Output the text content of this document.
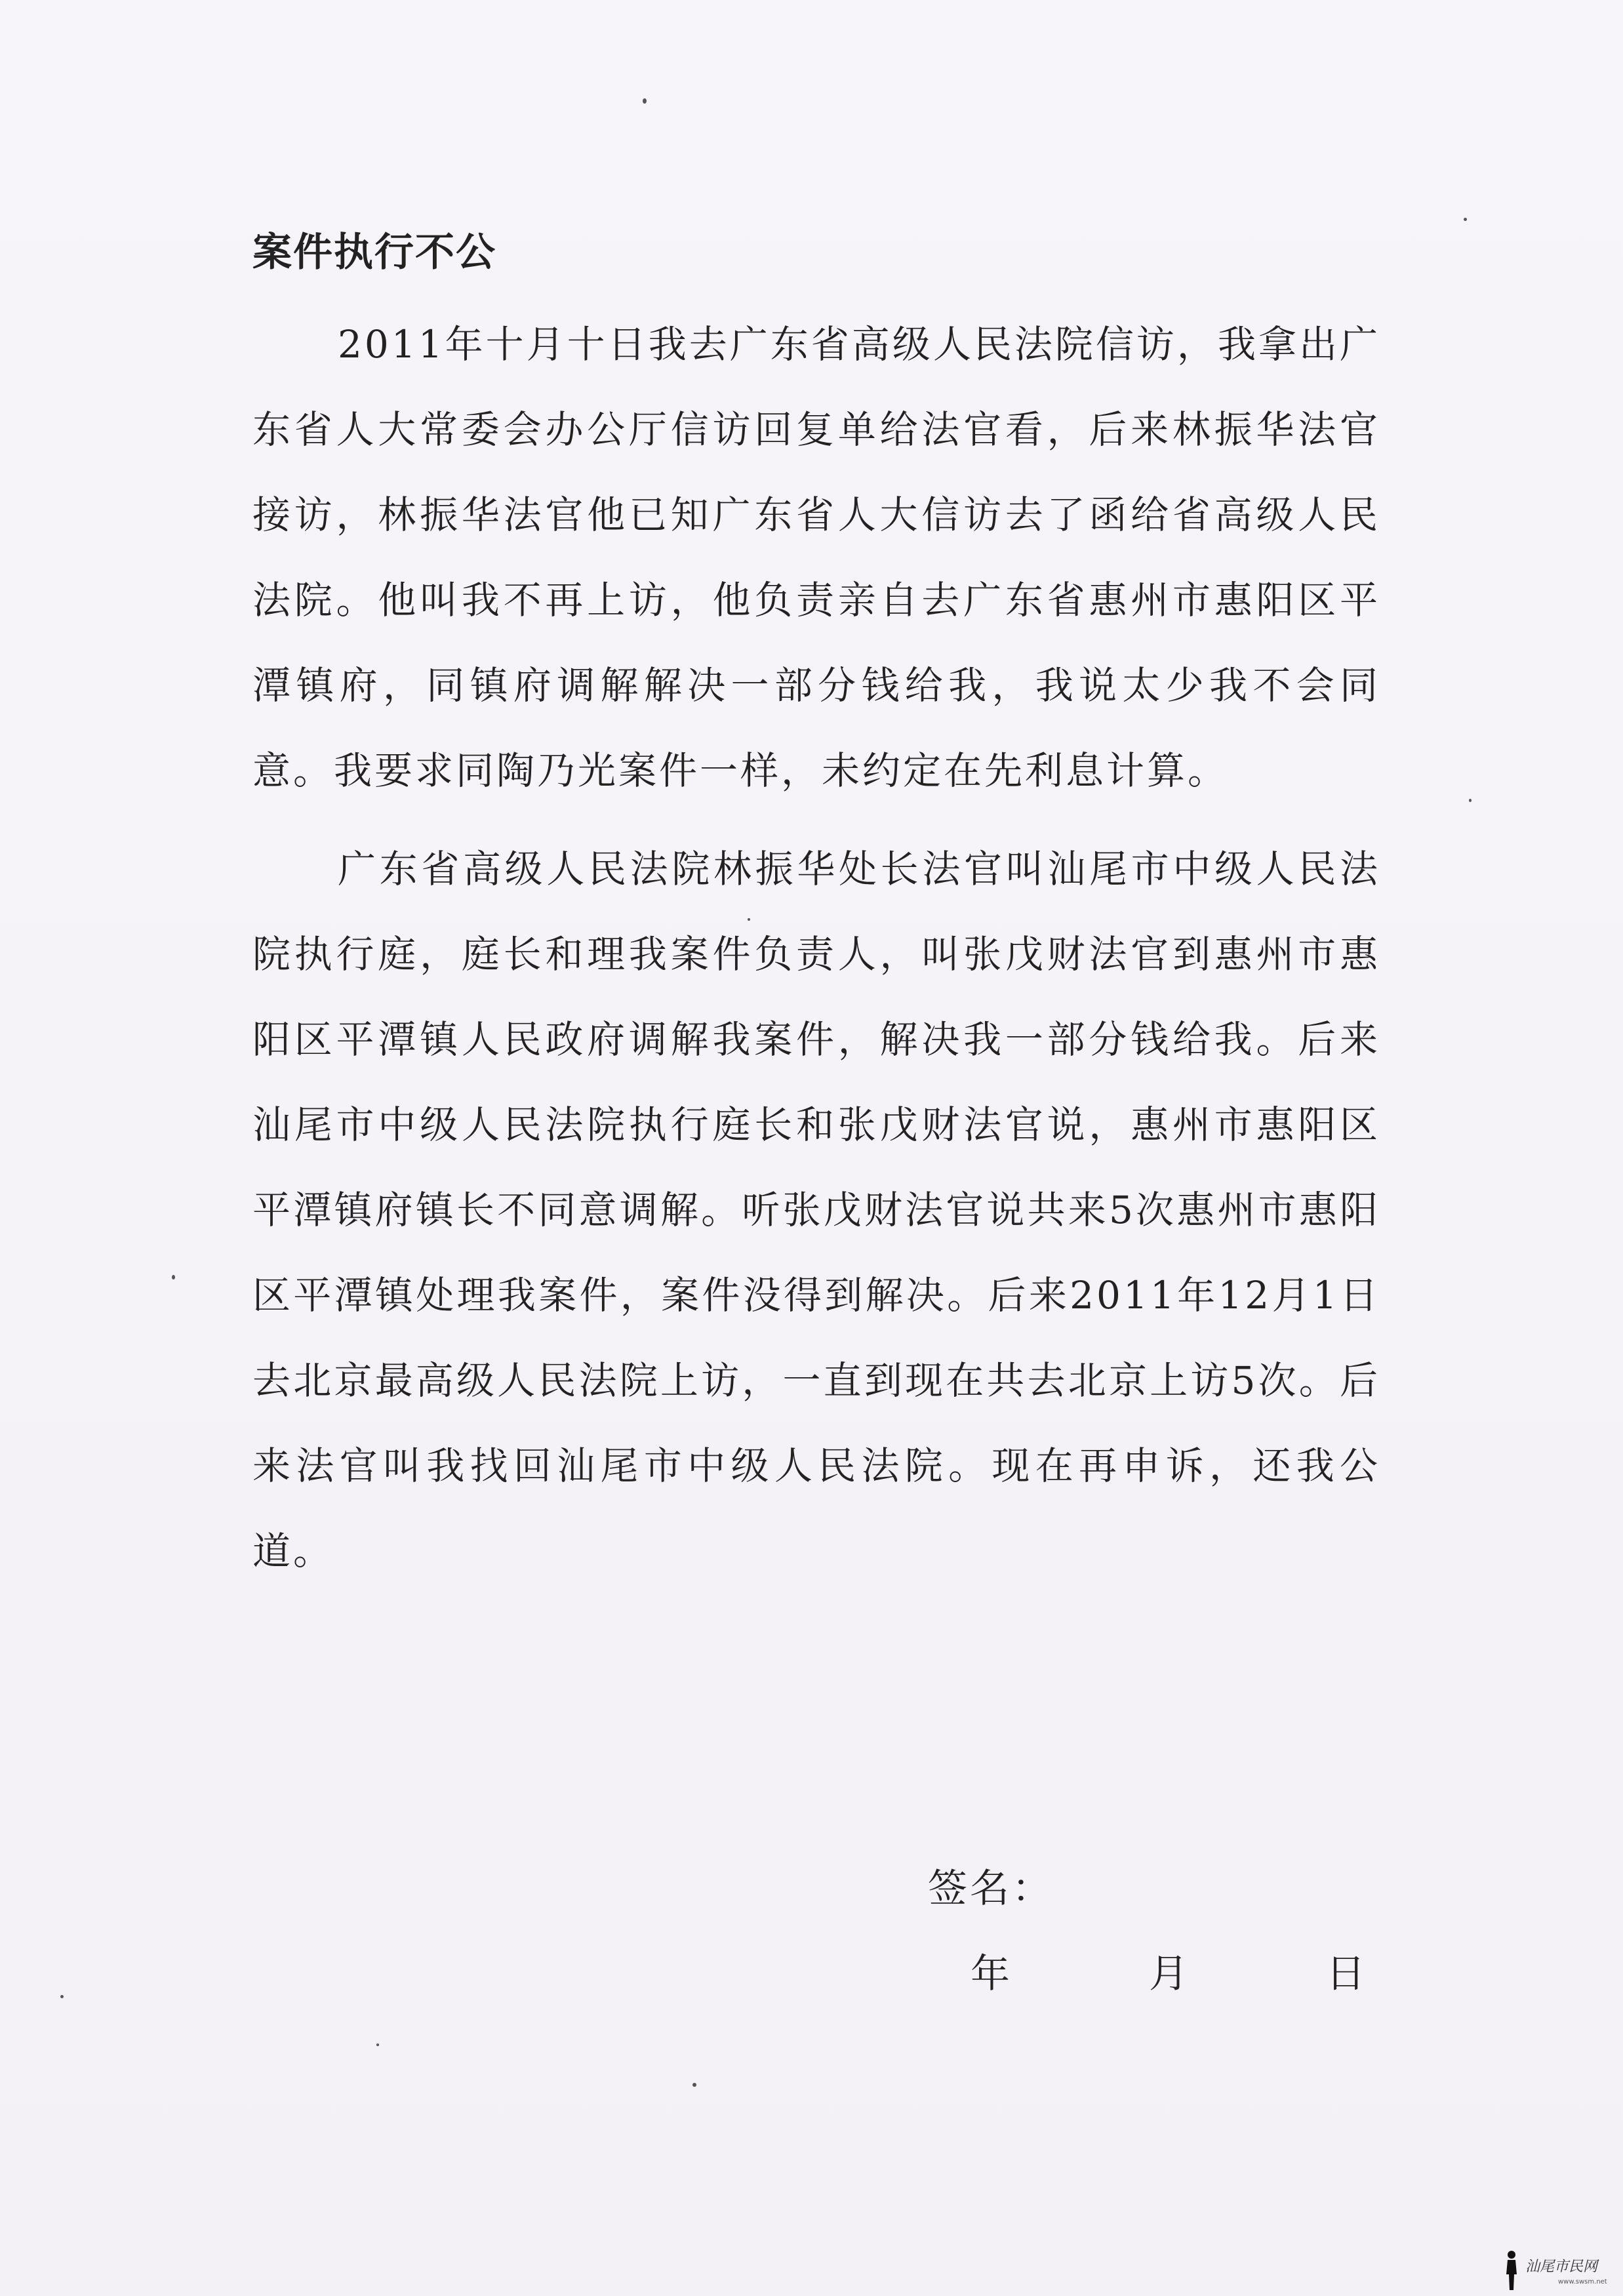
案件执行不公

2011年十月十日我去广东省高级人民法院信访，我拿出广东省人大常委会办公厅信访回复单给法官看，后来林振华法官接访，林振华法官他已知广东省人大信访去了函给省高级人民法院。他叫我不再上访，他负责亲自去广东省惠州市惠阳区平潭镇府，同镇府调解解决一部分钱给我，我说太少我不会同意。我要求同陶乃光案件一样，未约定在先利息计算。

广东省高级人民法院林振华处长法官叫汕尾市中级人民法院执行庭，庭长和理我案件负责人，叫张戊财法官到惠州市惠阳区平潭镇人民政府调解我案件，解决我一部分钱给我。后来汕尾市中级人民法院执行庭长和张戊财法官说，惠州市惠阳区平潭镇府镇长不同意调解。听张戊财法官说共来5次惠州市惠阳区平潭镇处理我案件，案件没得到解决。后来2011年12月1日去北京最高级人民法院上访，一直到现在共去北京上访5次。后来法官叫我找回汕尾市中级人民法院。现在再申诉，还我公道。

签名：
年	月	日
汕尾市民网
www.swsm.net
